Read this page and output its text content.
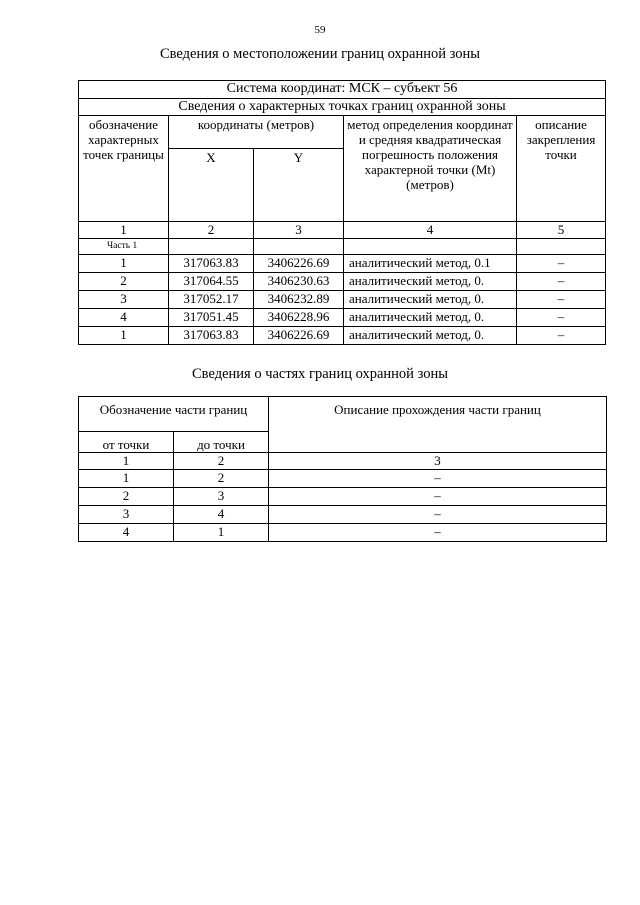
59
Сведения о местоположении границ охранной зоны
Система координат: МСК – субъект 56				
Сведения о характерных точках границ охранной зоны				
обозначение характерных точек границы	координаты (метров)		метод определения координат и средняя квадратическая погрешность положения характерной точки (Mt) (метров)	описание закрепления точки
	X	Y		
1	2	3	4	5
Часть 1				
1	317063.83	3406226.69	аналитический метод, 0.1	–
2	317064.55	3406230.63	аналитический метод, 0.	–
3	317052.17	3406232.89	аналитический метод, 0.	–
4	317051.45	3406228.96	аналитический метод, 0.	–
1	317063.83	3406226.69	аналитический метод, 0.	–
Сведения о частях границ охранной зоны
Обозначение части границ		Описание прохождения части границ
от точки	до точки	
1	2	3
1	2	–
2	3	–
3	4	–
4	1	–
